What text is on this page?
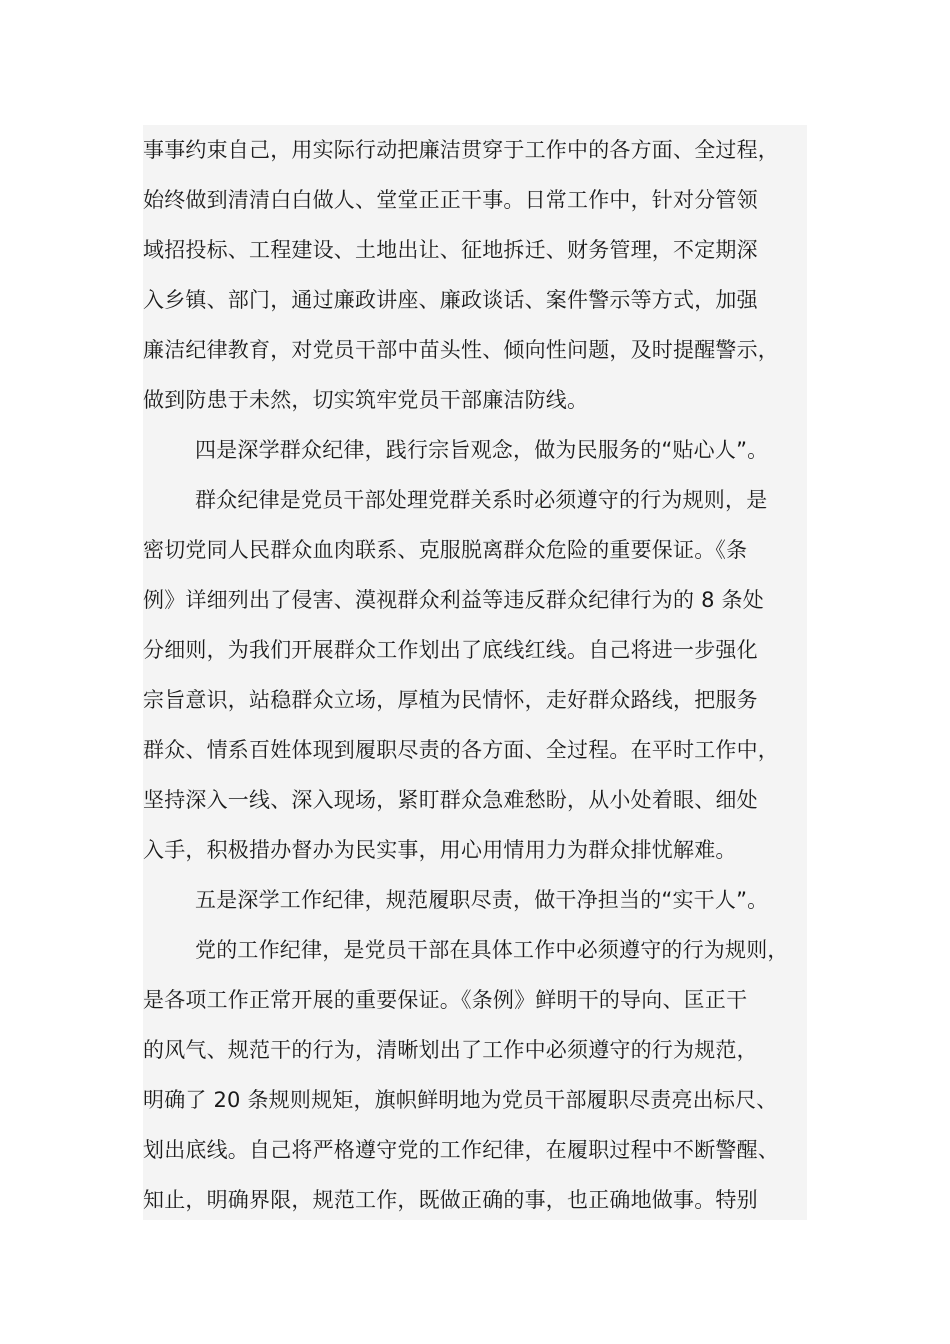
事事约束自己，用实际行动把廉洁贯穿于工作中的各方面、全过程，
始终做到清清白白做人、堂堂正正干事。日常工作中，针对分管领
域招投标、工程建设、土地出让、征地拆迁、财务管理，不定期深
入乡镇、部门，通过廉政讲座、廉政谈话、案件警示等方式，加强
廉洁纪律教育，对党员干部中苗头性、倾向性问题，及时提醒警示，
做到防患于未然，切实筑牢党员干部廉洁防线。
四是深学群众纪律，践行宗旨观念，做为民服务的“贴心人”。
群众纪律是党员干部处理党群关系时必须遵守的行为规则，是
密切党同人民群众血肉联系、克服脱离群众危险的重要保证。《条
例》详细列出了侵害、漠视群众利益等违反群众纪律行为的 8 条处
分细则，为我们开展群众工作划出了底线红线。自己将进一步强化
宗旨意识，站稳群众立场，厚植为民情怀，走好群众路线，把服务
群众、情系百姓体现到履职尽责的各方面、全过程。在平时工作中，
坚持深入一线、深入现场，紧盯群众急难愁盼，从小处着眼、细处
入手，积极措办督办为民实事，用心用情用力为群众排忧解难。
五是深学工作纪律，规范履职尽责，做干净担当的“实干人”。
党的工作纪律，是党员干部在具体工作中必须遵守的行为规则，
是各项工作正常开展的重要保证。《条例》鲜明干的导向、匡正干
的风气、规范干的行为，清晰划出了工作中必须遵守的行为规范，
明确了 20 条规则规矩，旗帜鲜明地为党员干部履职尽责亮出标尺、
划出底线。自己将严格遵守党的工作纪律，在履职过程中不断警醒、
知止，明确界限，规范工作，既做正确的事，也正确地做事。特别
